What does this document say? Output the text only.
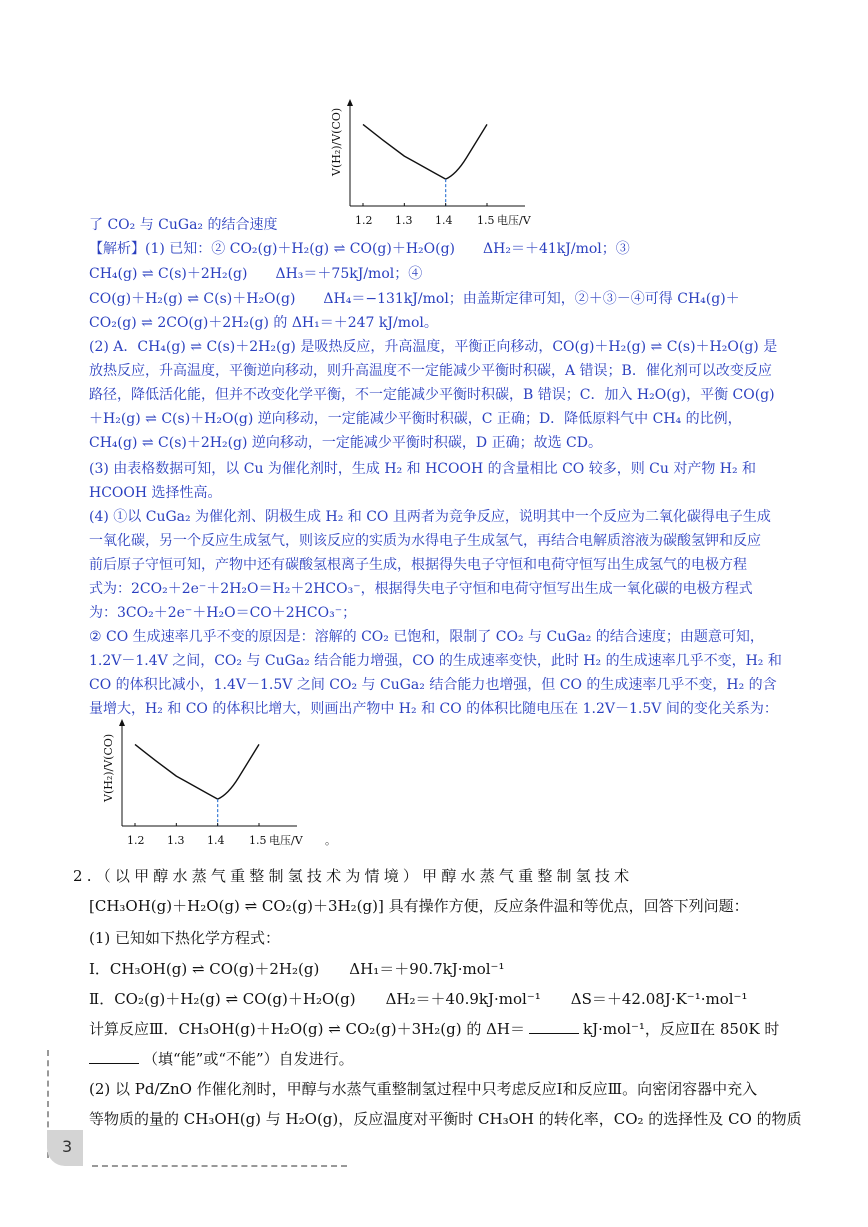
V(H₂)/V(CO)
1.2 1.3 1.4 1.5 电压/V
了 CO₂ 与 CuGa₂ 的结合速度
【解析】(1) 已知：② CO₂(g)＋H₂(g) ⇌ CO(g)＋H₂O(g)　　ΔH₂＝＋41kJ/mol；③
CH₄(g) ⇌ C(s)＋2H₂(g)　　ΔH₃＝＋75kJ/mol；④
CO(g)＋H₂(g) ⇌ C(s)＋H₂O(g)　　ΔH₄＝−131kJ/mol；由盖斯定律可知，②＋③－④可得 CH₄(g)＋
CO₂(g) ⇌ 2CO(g)＋2H₂(g) 的 ΔH₁＝＋247 kJ/mol。
(2) A．CH₄(g) ⇌ C(s)＋2H₂(g) 是吸热反应，升高温度，平衡正向移动，CO(g)＋H₂(g) ⇌ C(s)＋H₂O(g) 是
放热反应，升高温度，平衡逆向移动，则升高温度不一定能减少平衡时积碳，A 错误；B．催化剂可以改变反应
路径，降低活化能，但并不改变化学平衡，不一定能减少平衡时积碳，B 错误；C．加入 H₂O(g)，平衡 CO(g)
＋H₂(g) ⇌ C(s)＋H₂O(g) 逆向移动，一定能减少平衡时积碳，C 正确；D．降低原料气中 CH₄ 的比例，
CH₄(g) ⇌ C(s)＋2H₂(g) 逆向移动，一定能减少平衡时积碳，D 正确；故选 CD。
(3) 由表格数据可知，以 Cu 为催化剂时，生成 H₂ 和 HCOOH 的含量相比 CO 较多，则 Cu 对产物 H₂ 和
HCOOH 选择性高。
(4) ①以 CuGa₂ 为催化剂、阴极生成 H₂ 和 CO 且两者为竞争反应，说明其中一个反应为二氧化碳得电子生成
一氧化碳，另一个反应生成氢气，则该反应的实质为水得电子生成氢气，再结合电解质溶液为碳酸氢钾和反应
前后原子守恒可知，产物中还有碳酸氢根离子生成，根据得失电子守恒和电荷守恒写出生成氢气的电极方程
式为：2CO₂＋2e⁻＋2H₂O＝H₂＋2HCO₃⁻，根据得失电子守恒和电荷守恒写出生成一氧化碳的电极方程式
为：3CO₂＋2e⁻＋H₂O＝CO＋2HCO₃⁻；
② CO 生成速率几乎不变的原因是：溶解的 CO₂ 已饱和，限制了 CO₂ 与 CuGa₂ 的结合速度；由题意可知，
1.2V－1.4V 之间，CO₂ 与 CuGa₂ 结合能力增强，CO 的生成速率变快，此时 H₂ 的生成速率几乎不变，H₂ 和
CO 的体积比减小，1.4V－1.5V 之间 CO₂ 与 CuGa₂ 结合能力也增强，但 CO 的生成速率几乎不变，H₂ 的含
量增大，H₂ 和 CO 的体积比增大，则画出产物中 H₂ 和 CO 的体积比随电压在 1.2V－1.5V 间的变化关系为：
V(H₂)/V(CO)
1.2 1.3 1.4 1.5 电压/V 。
2.（以甲醇水蒸气重整制氢技术为情境）甲醇水蒸气重整制氢技术
[CH₃OH(g)＋H₂O(g) ⇌ CO₂(g)＋3H₂(g)] 具有操作方便，反应条件温和等优点，回答下列问题：
(1) 已知如下热化学方程式：
Ⅰ．CH₃OH(g) ⇌ CO(g)＋2H₂(g)　　ΔH₁＝＋90.7kJ·mol⁻¹
Ⅱ．CO₂(g)＋H₂(g) ⇌ CO(g)＋H₂O(g)　　ΔH₂＝＋40.9kJ·mol⁻¹　　ΔS＝＋42.08J·K⁻¹·mol⁻¹
计算反应Ⅲ．CH₃OH(g)＋H₂O(g) ⇌ CO₂(g)＋3H₂(g) 的 ΔH＝	kJ·mol⁻¹，反应Ⅱ在 850K 时
（填“能”或“不能”）自发进行。
(2) 以 Pd/ZnO 作催化剂时，甲醇与水蒸气重整制氢过程中只考虑反应Ⅰ和反应Ⅲ。向密闭容器中充入
等物质的量的 CH₃OH(g) 与 H₂O(g)，反应温度对平衡时 CH₃OH 的转化率，CO₂ 的选择性及 CO 的物质
3
